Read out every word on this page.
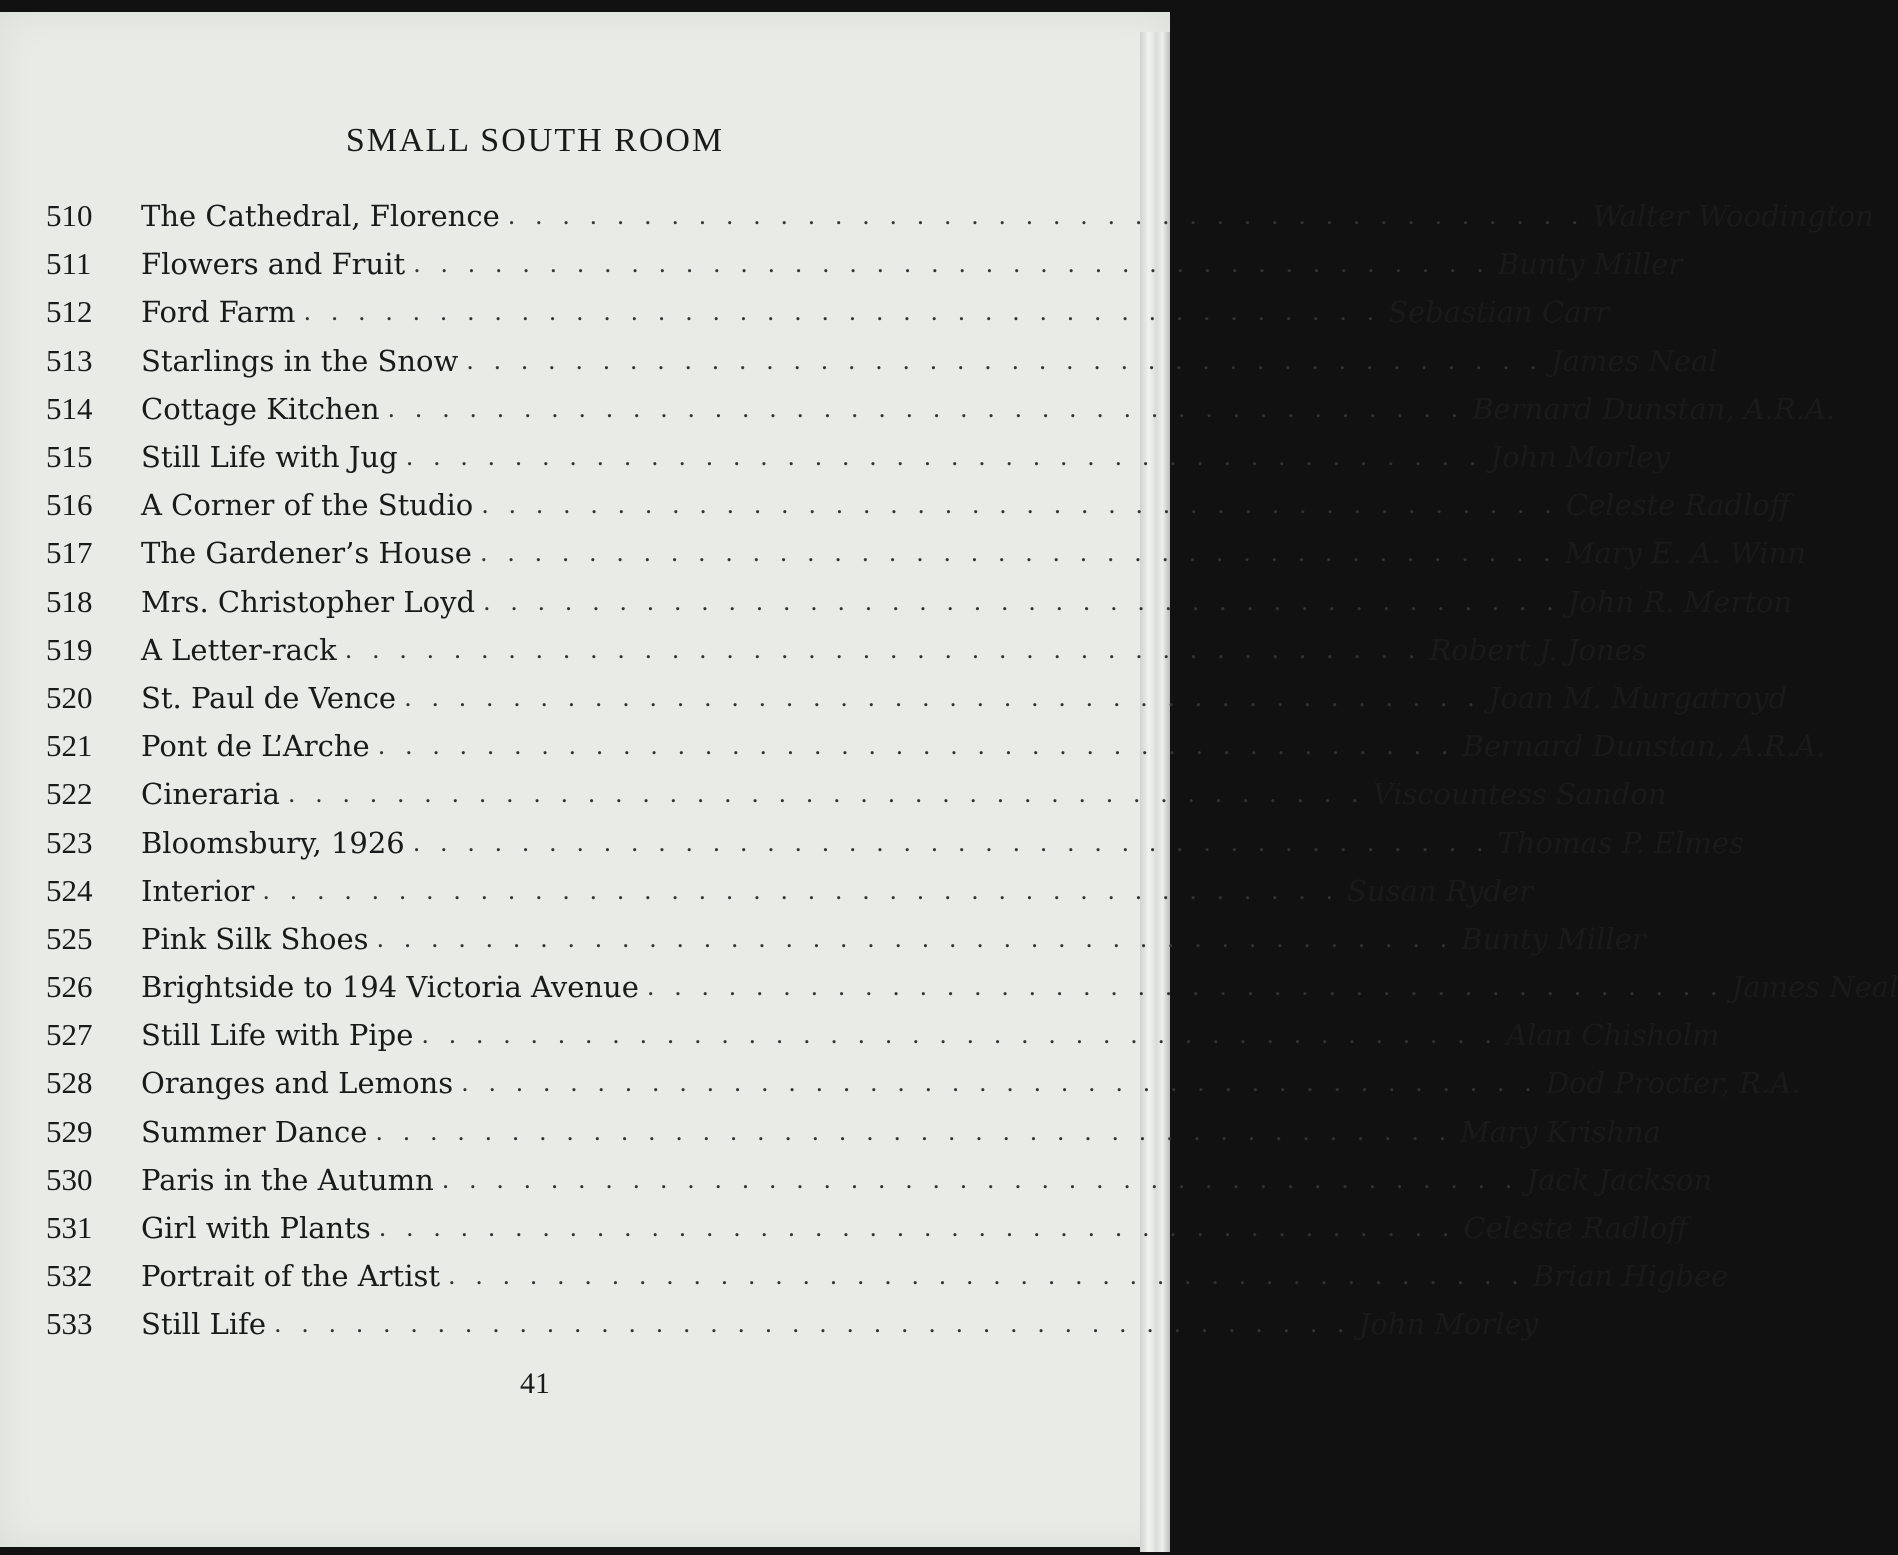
SMALL SOUTH ROOM
510	The Cathedral, Florence . . . . . . . . . . . . . . . . . . . . . . . . . . . . . . . . . . . . . . . . Walter Woodington
511	Flowers and Fruit . . . . . . . . . . . . . . . . . . . . . . . . . . . . . . . . . . . . . . . . Bunty Miller
512	Ford Farm . . . . . . . . . . . . . . . . . . . . . . . . . . . . . . . . . . . . . . . . Sebastian Carr
513	Starlings in the Snow . . . . . . . . . . . . . . . . . . . . . . . . . . . . . . . . . . . . . . . . James Neal
514	Cottage Kitchen . . . . . . . . . . . . . . . . . . . . . . . . . . . . . . . . . . . . . . . . Bernard Dunstan, A.R.A.
515	Still Life with Jug . . . . . . . . . . . . . . . . . . . . . . . . . . . . . . . . . . . . . . . . John Morley
516	A Corner of the Studio . . . . . . . . . . . . . . . . . . . . . . . . . . . . . . . . . . . . . . . . Celeste Radloff
517	The Gardener’s House . . . . . . . . . . . . . . . . . . . . . . . . . . . . . . . . . . . . . . . . Mary E. A. Winn
518	Mrs. Christopher Loyd . . . . . . . . . . . . . . . . . . . . . . . . . . . . . . . . . . . . . . . . John R. Merton
519	A Letter-rack . . . . . . . . . . . . . . . . . . . . . . . . . . . . . . . . . . . . . . . . Robert J. Jones
520	St. Paul de Vence . . . . . . . . . . . . . . . . . . . . . . . . . . . . . . . . . . . . . . . . Joan M. Murgatroyd
521	Pont de L’Arche . . . . . . . . . . . . . . . . . . . . . . . . . . . . . . . . . . . . . . . . Bernard Dunstan, A.R.A.
522	Cineraria . . . . . . . . . . . . . . . . . . . . . . . . . . . . . . . . . . . . . . . . Viscountess Sandon
523	Bloomsbury, 1926 . . . . . . . . . . . . . . . . . . . . . . . . . . . . . . . . . . . . . . . . Thomas P. Elmes
524	Interior . . . . . . . . . . . . . . . . . . . . . . . . . . . . . . . . . . . . . . . . Susan Ryder
525	Pink Silk Shoes . . . . . . . . . . . . . . . . . . . . . . . . . . . . . . . . . . . . . . . . Bunty Miller
526	Brightside to 194 Victoria Avenue . . . . . . . . . . . . . . . . . . . . . . . . . . . . . . . . . . . . . . . . James Neal
527	Still Life with Pipe . . . . . . . . . . . . . . . . . . . . . . . . . . . . . . . . . . . . . . . . Alan Chisholm
528	Oranges and Lemons . . . . . . . . . . . . . . . . . . . . . . . . . . . . . . . . . . . . . . . . Dod Procter, R.A.
529	Summer Dance . . . . . . . . . . . . . . . . . . . . . . . . . . . . . . . . . . . . . . . . Mary Krishna
530	Paris in the Autumn . . . . . . . . . . . . . . . . . . . . . . . . . . . . . . . . . . . . . . . . Jack Jackson
531	Girl with Plants . . . . . . . . . . . . . . . . . . . . . . . . . . . . . . . . . . . . . . . . Celeste Radloff
532	Portrait of the Artist . . . . . . . . . . . . . . . . . . . . . . . . . . . . . . . . . . . . . . . . Brian Higbee
533	Still Life . . . . . . . . . . . . . . . . . . . . . . . . . . . . . . . . . . . . . . . . John Morley
41
